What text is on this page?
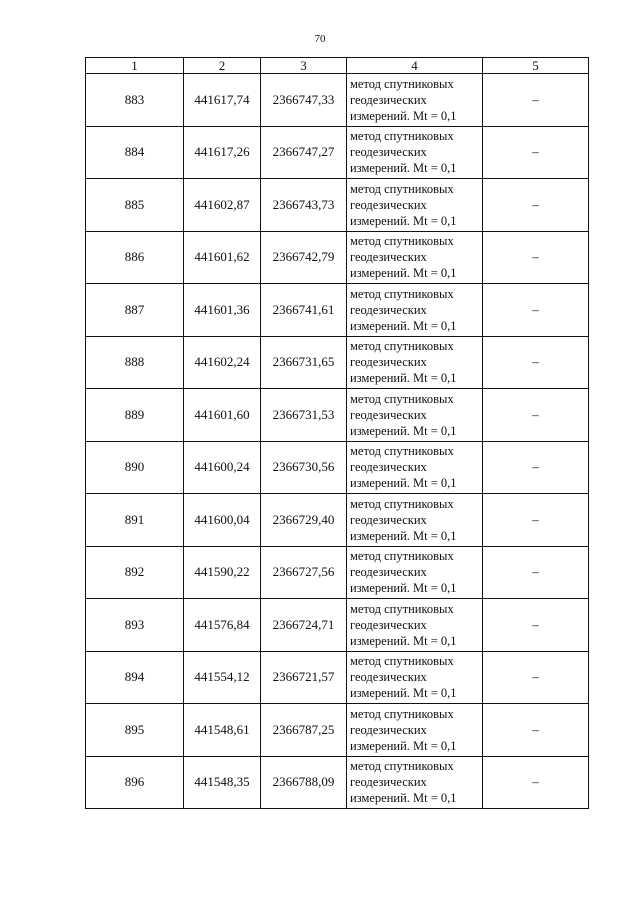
70
1	2	3	4	5
883	441617,74	2366747,33	метод спутниковых
геодезических
измерений. Mt = 0,1	–
884	441617,26	2366747,27	метод спутниковых
геодезических
измерений. Mt = 0,1	–
885	441602,87	2366743,73	метод спутниковых
геодезических
измерений. Mt = 0,1	–
886	441601,62	2366742,79	метод спутниковых
геодезических
измерений. Mt = 0,1	–
887	441601,36	2366741,61	метод спутниковых
геодезических
измерений. Mt = 0,1	–
888	441602,24	2366731,65	метод спутниковых
геодезических
измерений. Mt = 0,1	–
889	441601,60	2366731,53	метод спутниковых
геодезических
измерений. Mt = 0,1	–
890	441600,24	2366730,56	метод спутниковых
геодезических
измерений. Mt = 0,1	–
891	441600,04	2366729,40	метод спутниковых
геодезических
измерений. Mt = 0,1	–
892	441590,22	2366727,56	метод спутниковых
геодезических
измерений. Mt = 0,1	–
893	441576,84	2366724,71	метод спутниковых
геодезических
измерений. Mt = 0,1	–
894	441554,12	2366721,57	метод спутниковых
геодезических
измерений. Mt = 0,1	–
895	441548,61	2366787,25	метод спутниковых
геодезических
измерений. Mt = 0,1	–
896	441548,35	2366788,09	метод спутниковых
геодезических
измерений. Mt = 0,1	–
